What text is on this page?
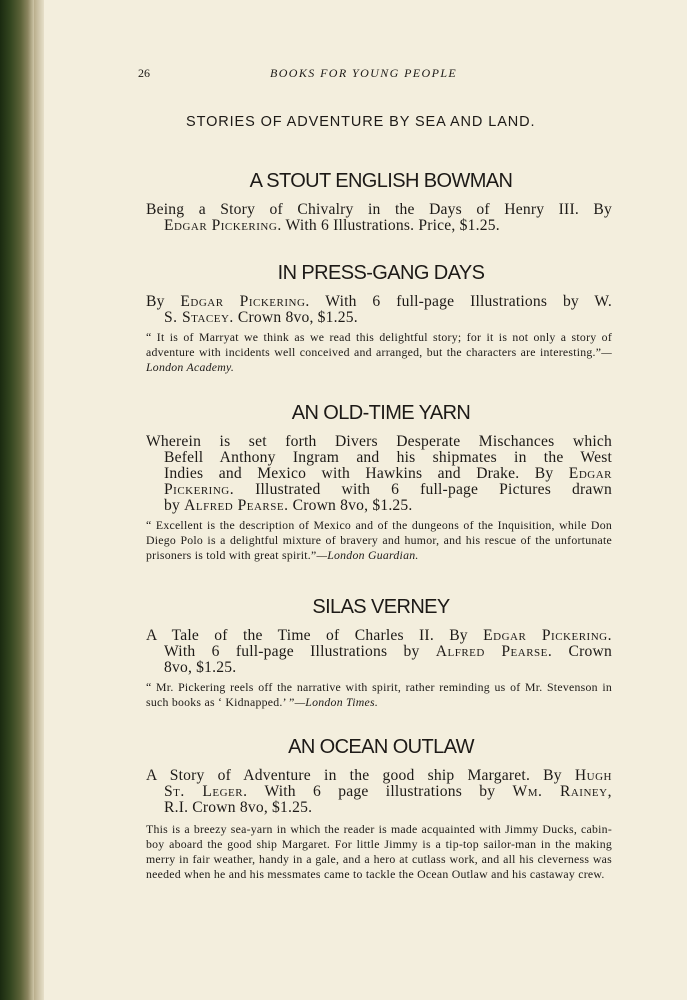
26	BOOKS FOR YOUNG PEOPLE
STORIES OF ADVENTURE BY SEA AND LAND.
A STOUT ENGLISH BOWMAN
Being a Story of Chivalry in the Days of Henry III. By
Edgar Pickering. With 6 Illustrations. Price, $1.25.
IN PRESS-GANG DAYS
By Edgar Pickering. With 6 full-page Illustrations by W.
S. Stacey. Crown 8vo, $1.25.
“ It is of Marryat we think as we read this delightful story; for it is not only a story of adventure with incidents well conceived and arranged, but the characters are interesting.”—London Academy.
AN OLD-TIME YARN
Wherein is set forth Divers Desperate Mischances which
Befell Anthony Ingram and his shipmates in the West
Indies and Mexico with Hawkins and Drake. By Edgar
Pickering. Illustrated with 6 full-page Pictures drawn
by Alfred Pearse. Crown 8vo, $1.25.
“ Excellent is the description of Mexico and of the dungeons of the Inquisition, while Don Diego Polo is a delightful mixture of bravery and humor, and his rescue of the unfortunate prisoners is told with great spirit.”—London Guardian.
SILAS VERNEY
A Tale of the Time of Charles II. By Edgar Pickering.
With 6 full-page Illustrations by Alfred Pearse. Crown
8vo, $1.25.
“ Mr. Pickering reels off the narrative with spirit, rather reminding us of Mr. Stevenson in such books as ‘ Kidnapped.’ ”—London Times.
AN OCEAN OUTLAW
A Story of Adventure in the good ship Margaret. By Hugh
St. Leger. With 6 page illustrations by Wm. Rainey,
R.I. Crown 8vo, $1.25.
This is a breezy sea-yarn in which the reader is made acquainted with Jimmy Ducks, cabin-boy aboard the good ship Margaret. For little Jimmy is a tip-top sailor-man in the making merry in fair weather, handy in a gale, and a hero at cutlass work, and all his cleverness was needed when he and his messmates came to tackle the Ocean Outlaw and his castaway crew.
